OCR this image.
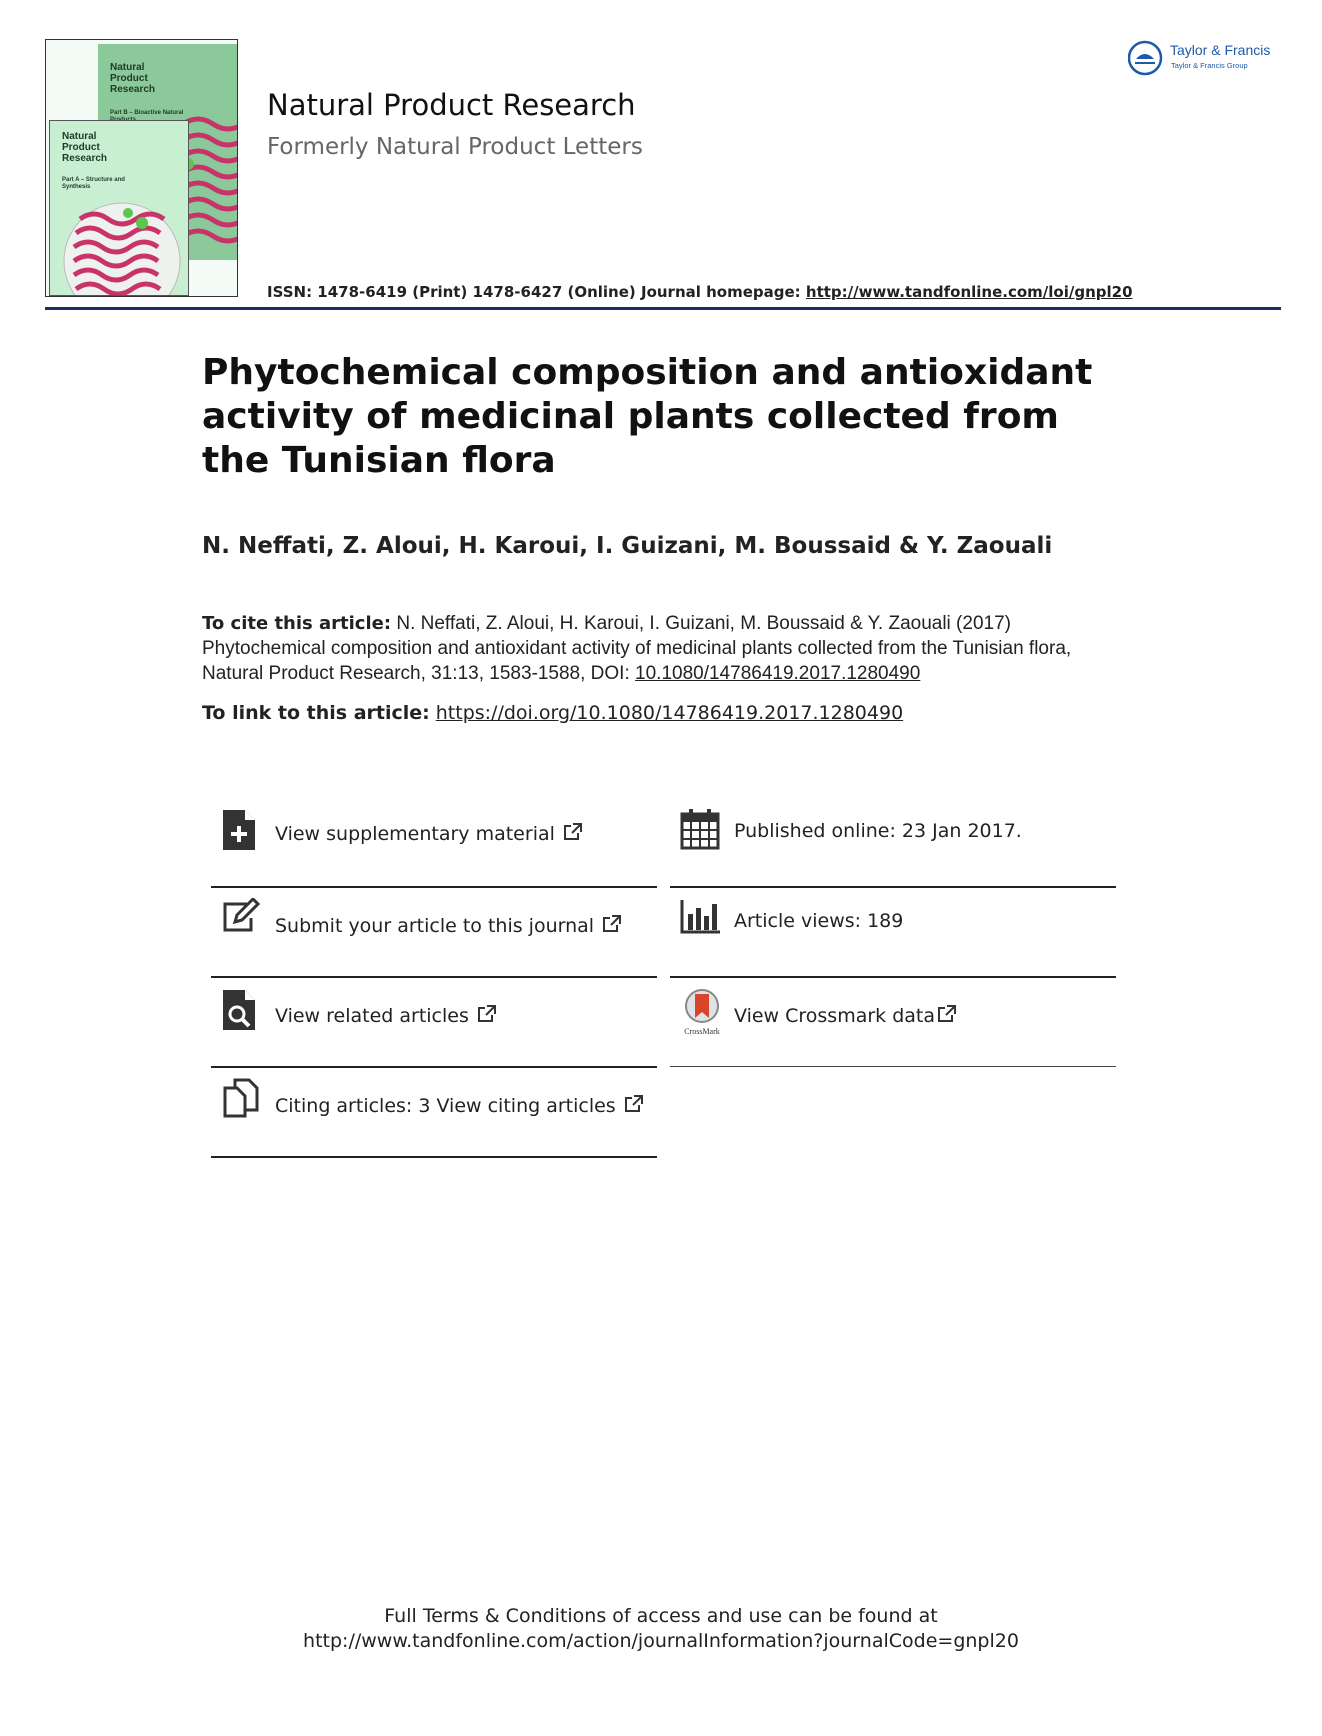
Natural Product Research
Part B – Bioactive Natural
Natural Product Research
Part A – Structure and Synthesis
Taylor & Francis
Taylor & Francis Group
Natural Product Research
Formerly Natural Product Letters
ISSN: 1478-6419 (Print) 1478-6427 (Online) Journal homepage: http://www.tandfonline.com/loi/gnpl20
Phytochemical composition and antioxidant activity of medicinal plants collected from the Tunisian flora
N. Neffati, Z. Aloui, H. Karoui, I. Guizani, M. Boussaid & Y. Zaouali

To cite this article: N. Neffati, Z. Aloui, H. Karoui, I. Guizani, M. Boussaid & Y. Zaouali (2017) Phytochemical composition and antioxidant activity of medicinal plants collected from the Tunisian flora, Natural Product Research, 31:13, 1583-1588, DOI: 10.1080/14786419.2017.1280490

To link to this article: https://doi.org/10.1080/14786419.2017.1280490
View supplementary material
Submit your article to this journal
View related articles
Citing articles: 3 View citing articles
Published online: 23 Jan 2017.
Article views: 189
CrossMark
View Crossmark data
Full Terms & Conditions of access and use can be found at
http://www.tandfonline.com/action/journalInformation?journalCode=gnpl20
